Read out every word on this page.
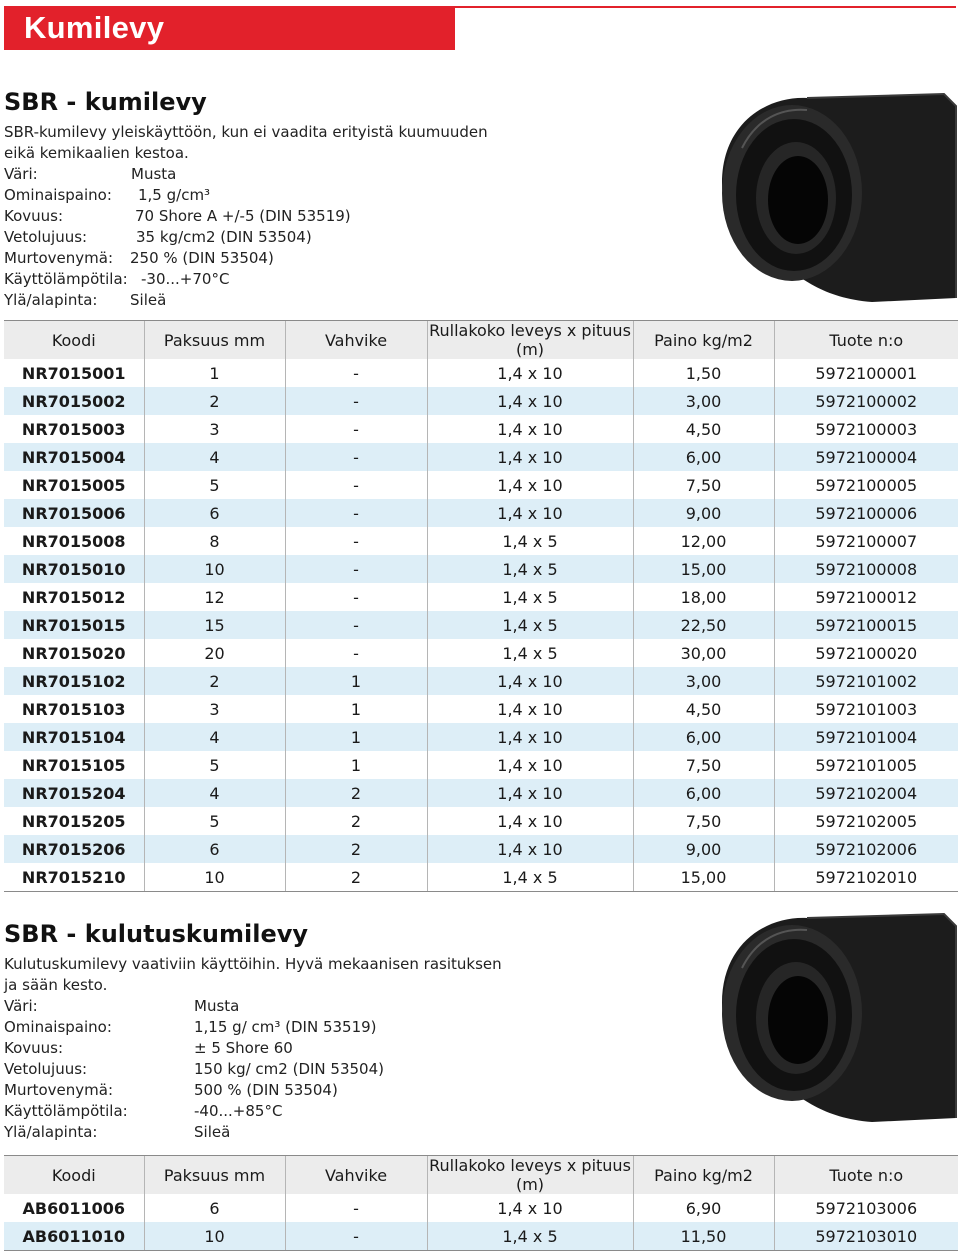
Kumilevy
SBR - kumilevy
SBR-kumilevy yleiskäyttöön, kun ei vaadita erityistä kuumuuden
eikä kemikaalien kestoa.
Väri:	Musta
Ominaispaino: 1,5 g/cm³
Kovuus:	70 Shore A +/-5 (DIN 53519)
Vetolujuus:	35 kg/cm2 (DIN 53504)
Murtovenymä: 250 % (DIN 53504)
Käyttölämpötila: -30...+70°C
Ylä/alapinta: Sileä
Koodi	Paksuus mm	Vahvike	Rullakoko leveys x pituus (m)	Paino kg/m2	Tuote n:o
NR7015001	1	-	1,4 x 10	1,50	5972100001
NR7015002	2	-	1,4 x 10	3,00	5972100002
NR7015003	3	-	1,4 x 10	4,50	5972100003
NR7015004	4	-	1,4 x 10	6,00	5972100004
NR7015005	5	-	1,4 x 10	7,50	5972100005
NR7015006	6	-	1,4 x 10	9,00	5972100006
NR7015008	8	-	1,4 x 5	12,00	5972100007
NR7015010	10	-	1,4 x 5	15,00	5972100008
NR7015012	12	-	1,4 x 5	18,00	5972100012
NR7015015	15	-	1,4 x 5	22,50	5972100015
NR7015020	20	-	1,4 x 5	30,00	5972100020
NR7015102	2	1	1,4 x 10	3,00	5972101002
NR7015103	3	1	1,4 x 10	4,50	5972101003
NR7015104	4	1	1,4 x 10	6,00	5972101004
NR7015105	5	1	1,4 x 10	7,50	5972101005
NR7015204	4	2	1,4 x 10	6,00	5972102004
NR7015205	5	2	1,4 x 10	7,50	5972102005
NR7015206	6	2	1,4 x 10	9,00	5972102006
NR7015210	10	2	1,4 x 5	15,00	5972102010
SBR - kulutuskumilevy
Kulutuskumilevy vaativiin käyttöihin. Hyvä mekaanisen rasituksen
ja sään kesto.
Väri:	Musta
Ominaispaino:	1,15 g/ cm³ (DIN 53519)
Kovuus:	± 5 Shore 60
Vetolujuus:	150 kg/ cm2 (DIN 53504)
Murtovenymä:	500 % (DIN 53504)
Käyttölämpötila:	-40...+85°C
Ylä/alapinta:	Sileä
Koodi	Paksuus mm	Vahvike	Rullakoko leveys x pituus (m)	Paino kg/m2	Tuote n:o
AB6011006	6	-	1,4 x 10	6,90	5972103006
AB6011010	10	-	1,4 x 5	11,50	5972103010
